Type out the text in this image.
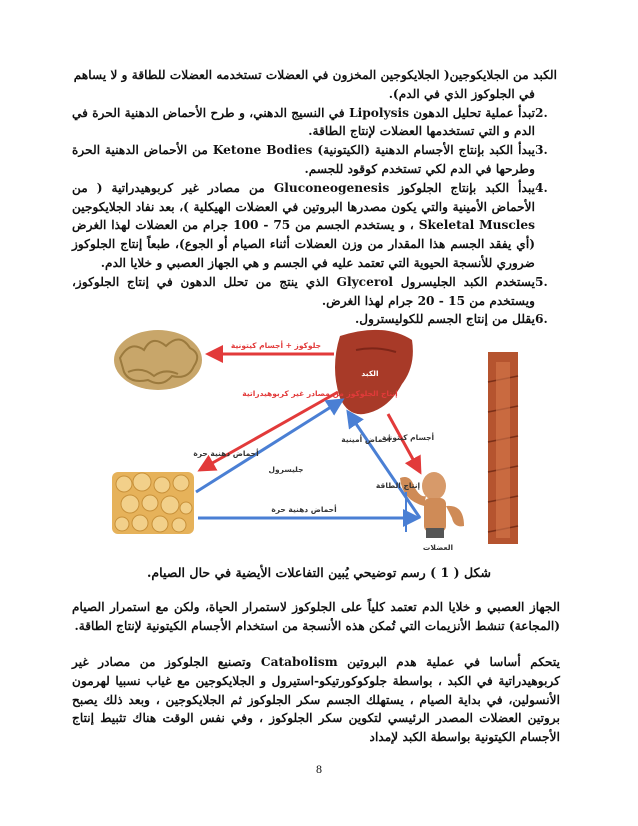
الكبد من الجلايكوجين( الجلايكوجين المخزون في العضلات تستخدمه العضلات للطاقة و لا يساهم
في الجلوكوز الذي في الدم).
.2
تبدأ عملية تحليل الدهون Lipolysis في النسيج الدهني، و طرح الأحماض الدهنية الحرة في الدم و التي تستخدمها العضلات لإنتاج الطاقة.
.3
يبدأ الكبد بإنتاج الأجسام الدهنية (الكيتونية) Ketone Bodies من الأحماض الدهنية الحرة وطرحها في الدم لكي تستخدم كوقود للجسم.
.4
يبدأ الكبد بإنتاج الجلوكوز Gluconeogenesis من مصادر غير كربوهيدراتية ( من الأحماض الأمينية والتي يكون مصدرها البروتين في العضلات الهيكلية )، بعد نفاد الجلايكوجين Skeletal Muscles ، و يستخدم الجسم من 75 - 100 جرام من العضلات لهذا الغرض (أي يفقد الجسم هذا المقدار من وزن العضلات أثناء الصيام أو الجوع)، طبعاً إنتاج الجلوكوز ضروري للأنسجة الحيوية التي تعتمد عليه في الجسم و هي الجهاز العصبي و خلايا الدم.
.5
يستخدم الكبد الجليسرول Glycerol الذي ينتج من تحلل الدهون في إنتاج الجلوكوز، ويستخدم من 15 - 20 جرام لهذا الغرض.
.6
يقلل من إنتاج الجسم للكوليسترول.
الكبد
جلوكوز + أجسام كيتونية
إنتاج الجلوكوز من مصادر غير كربوهيدراتية
أحماض دهنية حرة
جليسرول
أحماض أمينية
أجسام كيتونية
إنتاج الطاقة
أحماض دهنية حرة
العضلات
شكل ( 1 ) رسم توضيحي يُبين التفاعلات الأيضية في حال الصيام.
الجهاز العصبي و خلايا الدم تعتمد كلياً على الجلوكوز لاستمرار الحياة، ولكن مع استمرار الصيام (المجاعة) تنشط الأنزيمات التي تُمكن هذه الأنسجة من استخدام الأجسام الكيتونية لإنتاج الطاقة.
يتحكم أساسا في عملية هدم البروتين Catabolism وتصنيع الجلوكوز من مصادر غير كربوهيدراتية في الكبد ، بواسطة جلوكوكورتيكو-استيرول و الجلايكوجين مع غياب نسبيا لهرمون الأنسولين، في بداية الصيام ، يستهلك الجسم سكر الجلوكوز ثم الجلايكوجين ، وبعد ذلك يصبح بروتين العضلات المصدر الرئيسي لتكوين سكر الجلوكوز ، وفي نفس الوقت هناك تثبيط إنتاج الأجسام الكيتونية بواسطة الكبد لإمداد
8
